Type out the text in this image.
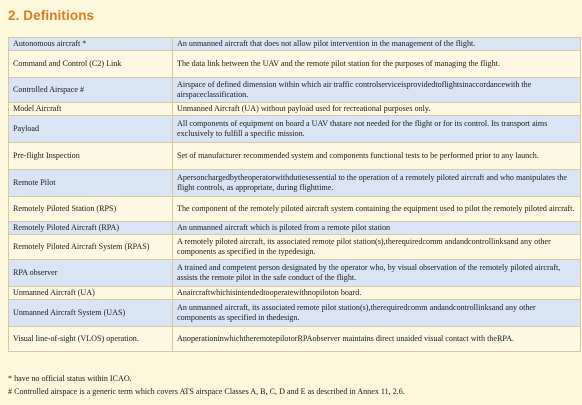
2. Definitions
Autonomous aircraft *	An unmanned aircraft that does not allow pilot intervention in the management of the flight.
Command and Control (C2) Link	The data link between the UAV and the remote pilot station for the purposes of managing the flight.
Controlled Airspace #	Airspace of defined dimension within which air traffic controlserviceisprovidedtoflightsinaccordancewith the airspaceclassification.
Model Aircraft	Unmanned Aircraft (UA) without payload used for recreational purposes only.
Payload	All components of equipment on board a UAV thatare not needed for the flight or for its control. Its transport aims exclusively to fulfill a specific mission.
Pre-flight Inspection	Set of manufacturer recommended system and components functional tests to be performed prior to any launch.
Remote Pilot	Apersonchargedbytheoperatorwithdutiesessential to the operation of a remotely piloted aircraft and who manipulates the flight controls, as appropriate, during flighttime.
Remotely Piloted Station (RPS)	The component of the remotely piloted aircraft system containing the equipment used to pilot the remotely piloted aircraft.
Remotely Piloted Aircraft (RPA)	An unmanned aircraft which is piloted from a remote pilot station
Remotely Piloted Aircraft System (RPAS)	A remotely piloted aircraft, its associated remote pilot station(s),therequiredcomm andandcontrollinksand any other components as specified in the typedesign.
RPA observer	A trained and competent person designated by the operator who, by visual observation of the remotely piloted aircraft, assists the remote pilot in the safe conduct of the flight.
Unmanned Aircraft (UA)	Anaircraftwhichisintendedtooperatewithnopiloton board.
Unmanned Aircraft System (UAS)	An unmanned aircraft, its associated remote pilot station(s),therequiredcomm andandcontrollinksand any other components as specified in thedesign.
Visual line-of-sight (VLOS) operation.	AnoperationinwhichtheremotepilotorRPAobserver maintains direct unaided visual contact with theRPA.
* have no official status within ICAO.
# Controlled airspace is a generic term which covers ATS airspace Classes A, B, C, D and E as described in Annex 11, 2.6.
